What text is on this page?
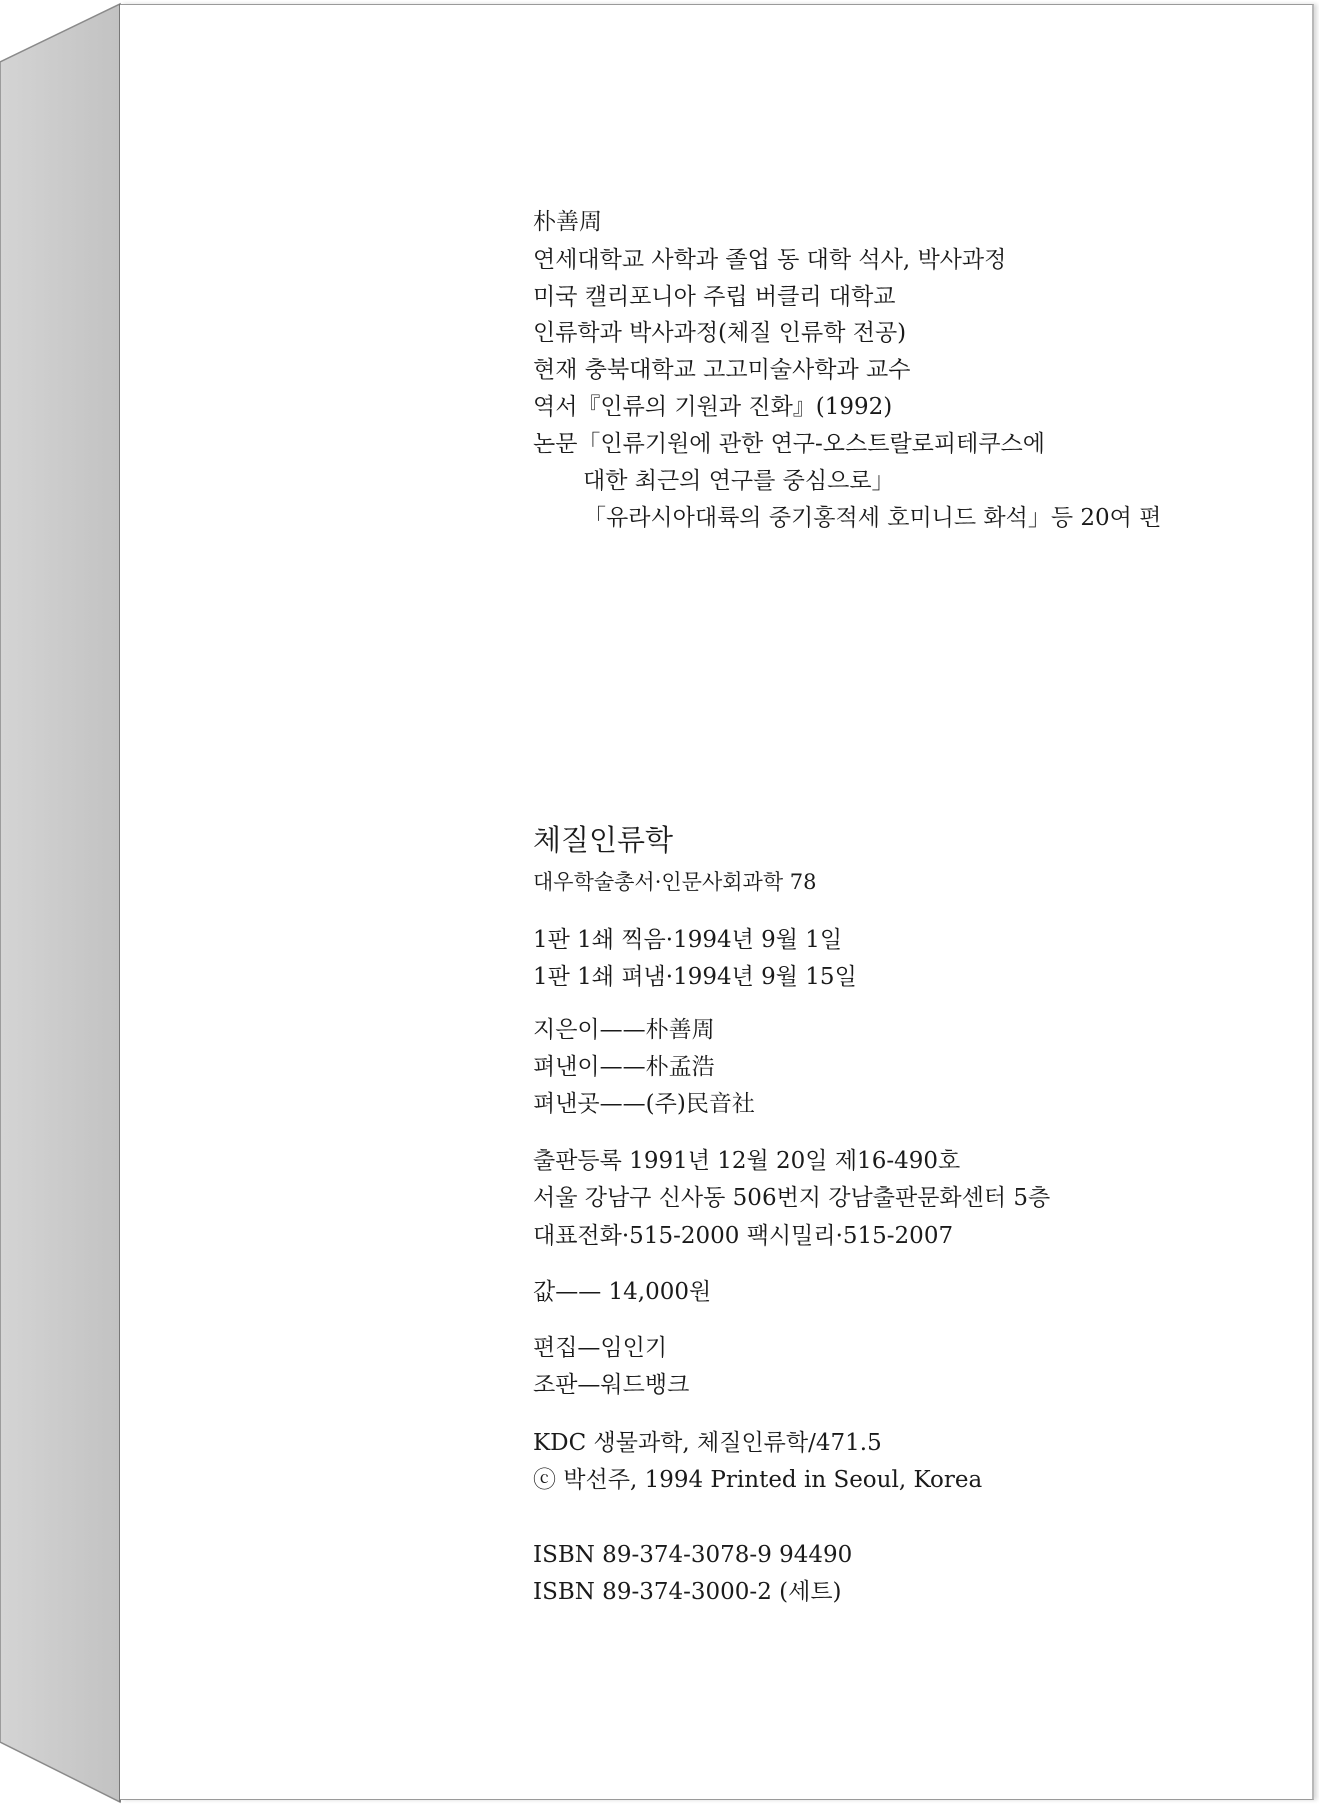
朴善周
연세대학교 사학과 졸업 동 대학 석사, 박사과정
미국 캘리포니아 주립 버클리 대학교
인류학과 박사과정(체질 인류학 전공)
현재 충북대학교 고고미술사학과 교수
역서『인류의 기원과 진화』(1992)
논문「인류기원에 관한 연구-오스트랄로피테쿠스에
대한 최근의 연구를 중심으로」
「유라시아대륙의 중기홍적세 호미니드 화석」등 20여 편
체질인류학
대우학술총서·인문사회과학 78
1판 1쇄 찍음·1994년 9월 1일
1판 1쇄 펴냄·1994년 9월 15일
지은이——朴善周
펴낸이——朴孟浩
펴낸곳——(주)民音社
출판등록 1991년 12월 20일 제16-490호
서울 강남구 신사동 506번지 강남출판문화센터 5층
대표전화·515-2000 팩시밀리·515-2007
값—— 14,000원
편집—임인기
조판—워드뱅크
KDC 생물과학, 체질인류학/471.5
ⓒ 박선주, 1994 Printed in Seoul, Korea
ISBN 89-374-3078-9 94490
ISBN 89-374-3000-2 (세트)
